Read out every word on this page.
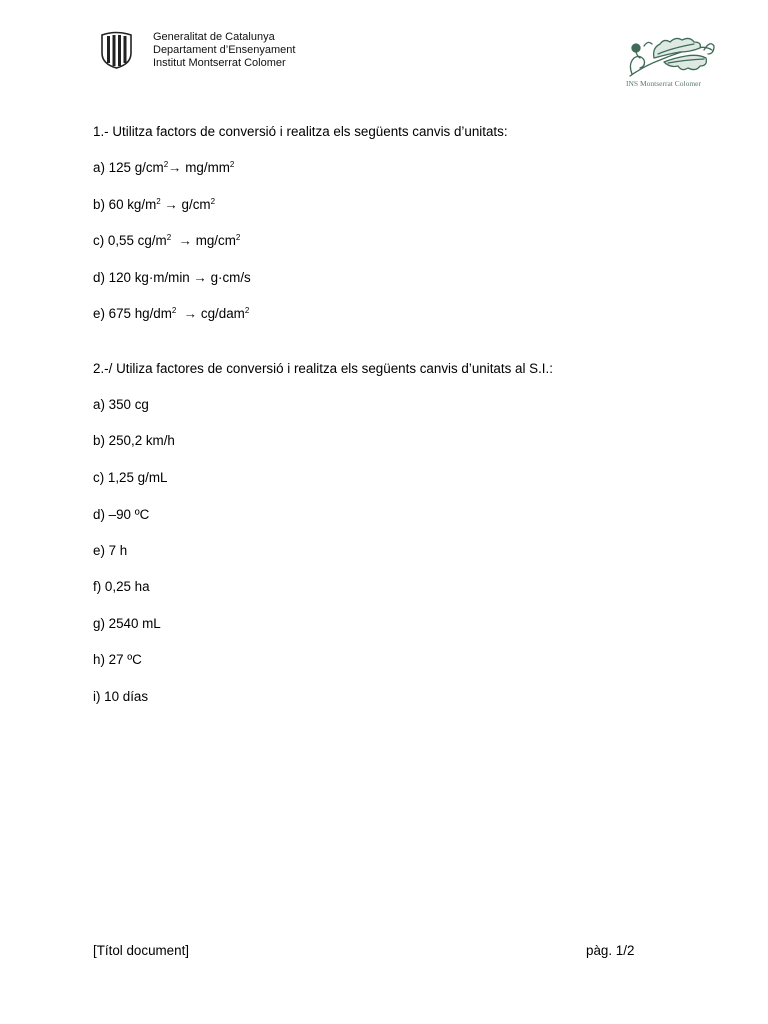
Generalitat de Catalunya
Departament d’Ensenyament
Institut Montserrat Colomer
INS Montserrat Colomer
1.- Utilitza factors de conversió i realitza els següents canvis d’unitats:
a) 125 $g/cm^2\to mg/mm^2$
b) 60 $kg/m^2 \to g/cm^2$
c) 0,55 $cg/m^2 \to mg/cm^2$
d) 120 kg·m/min → g·cm/s
e) 675 $hg/dm^2 \to cg/dam^2$
2.-/ Utiliza factores de conversió i realitza els següents canvis d’unitats al S.I.:
a) 350 cg
b) 250,2 km/h
c) 1,25 g/mL
d) –90 ºC
e) 7 h
f) 0,25 ha
g) 2540 mL
h) 27 ºC
i) 10 días
[Títol document]	pàg. 1/2
